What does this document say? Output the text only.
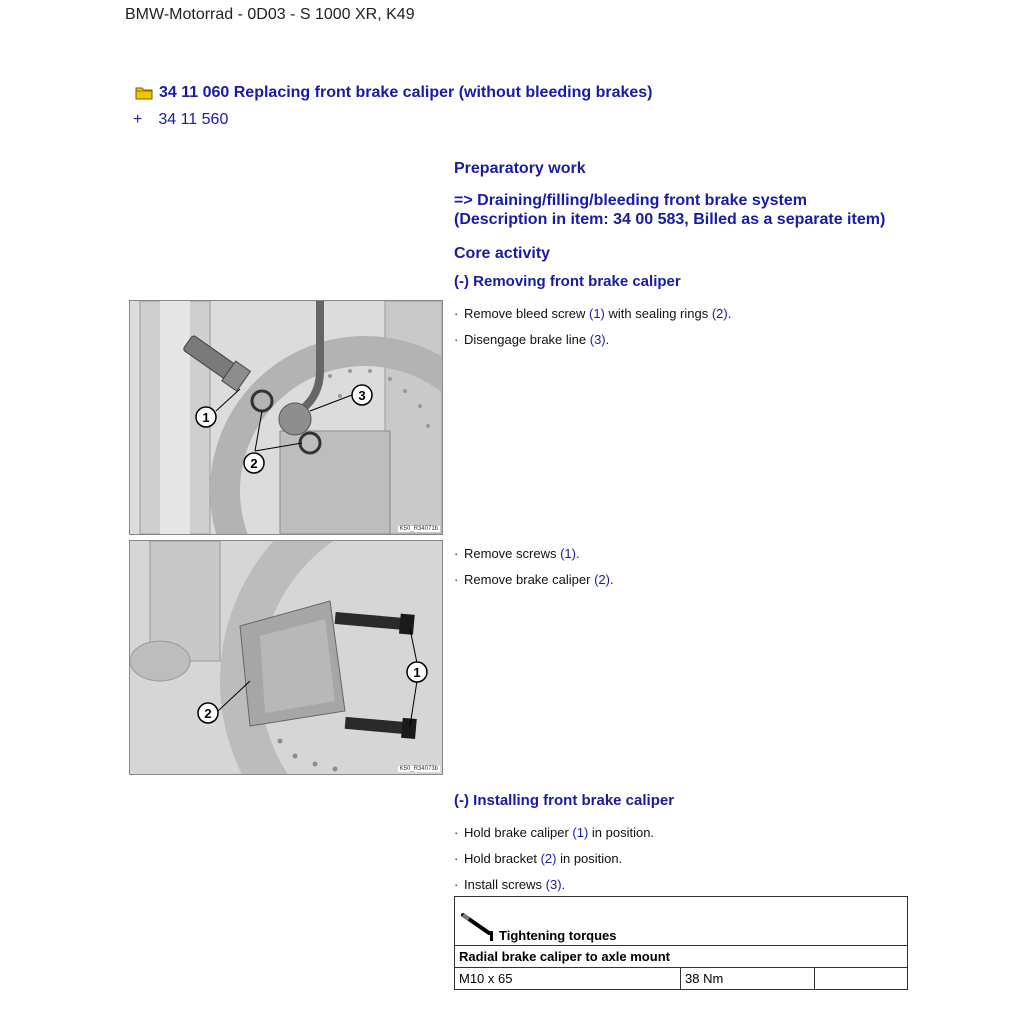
BMW-Motorrad - 0D03 - S 1000 XR, K49
34 11 060 Replacing front brake caliper (without bleeding brakes)
+ 34 11 560
Preparatory work
=> Draining/filling/bleeding front brake system
(Description in item: 34 00 583, Billed as a separate item)
Core activity
(-) Removing front brake caliper
1
2
3
K50_R34071b
· Remove bleed screw (1) with sealing rings (2).
· Disengage brake line (3).
1
2
K50_R34073b
· Remove screws (1).
· Remove brake caliper (2).
(-) Installing front brake caliper
· Hold brake caliper (1) in position.
· Hold bracket (2) in position.
· Install screws (3).
Tightening torques
Radial brake caliper to axle mount
M10 x 65	38 Nm	
